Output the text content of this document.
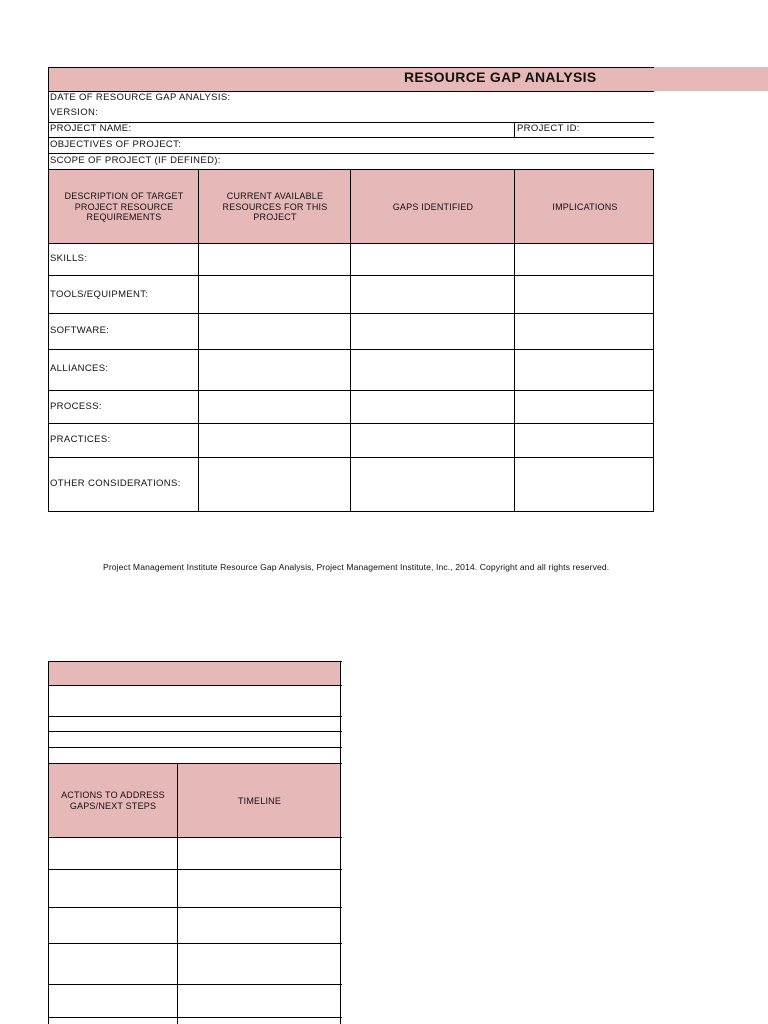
RESOURCE GAP ANALYSIS
DATE OF RESOURCE GAP ANALYSIS:
VERSION:
PROJECT NAME:	PROJECT ID:
OBJECTIVES OF PROJECT:
SCOPE OF PROJECT (IF DEFINED):
DESCRIPTION OF TARGET PROJECT RESOURCE REQUIREMENTS
CURRENT AVAILABLE RESOURCES FOR THIS PROJECT
GAPS IDENTIFIED	IMPLICATIONS
SKILLS:
TOOLS/EQUIPMENT:
SOFTWARE:
ALLIANCES:
PROCESS:
PRACTICES:
OTHER CONSIDERATIONS:
Project Management Institute Resource Gap Analysis, Project Management Institute, Inc., 2014. Copyright and all rights reserved.
ACTIONS TO ADDRESS GAPS/NEXT STEPS
TIMELINE
